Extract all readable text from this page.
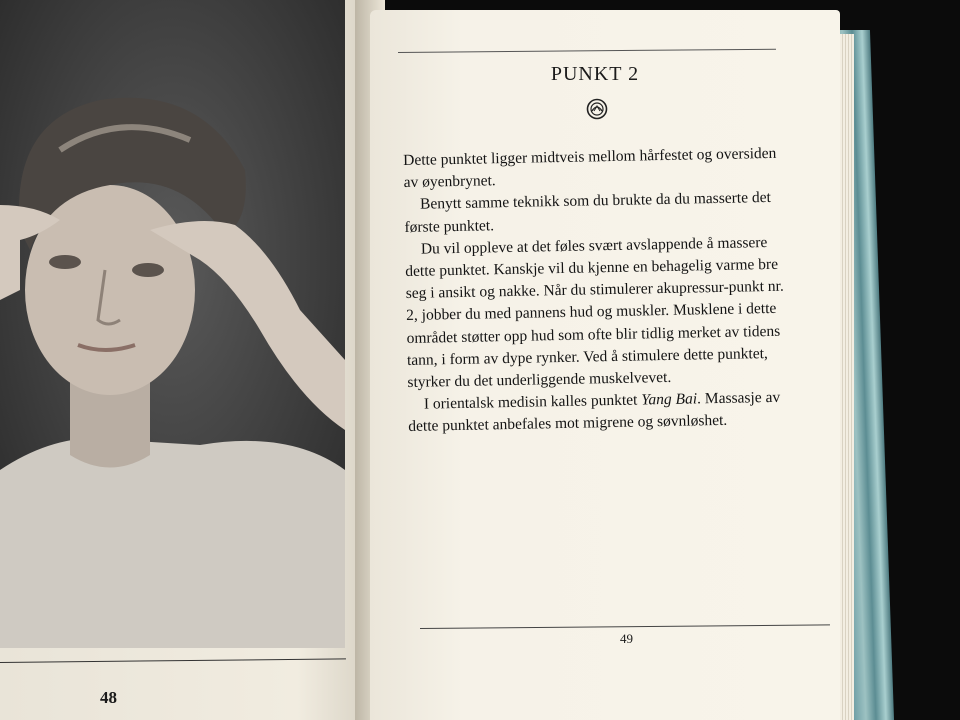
48
PUNKT 2

Dette punktet ligger midtveis mellom hårfestet og oversiden av øyenbrynet.

Benytt samme teknikk som du brukte da du masserte det første punktet.

Du vil oppleve at det føles svært avslappende å massere dette punktet. Kanskje vil du kjenne en behagelig varme bre seg i ansikt og nakke. Når du stimulerer akupressur-punkt nr. 2, jobber du med pannens hud og muskler. Musklene i dette området støtter opp hud som ofte blir tidlig merket av tidens tann, i form av dype rynker. Ved å stimulere dette punktet, styrker du det underliggende muskelvevet.

I orientalsk medisin kalles punktet Yang Bai. Massasje av dette punktet anbefales mot migrene og søvnløshet.

49
